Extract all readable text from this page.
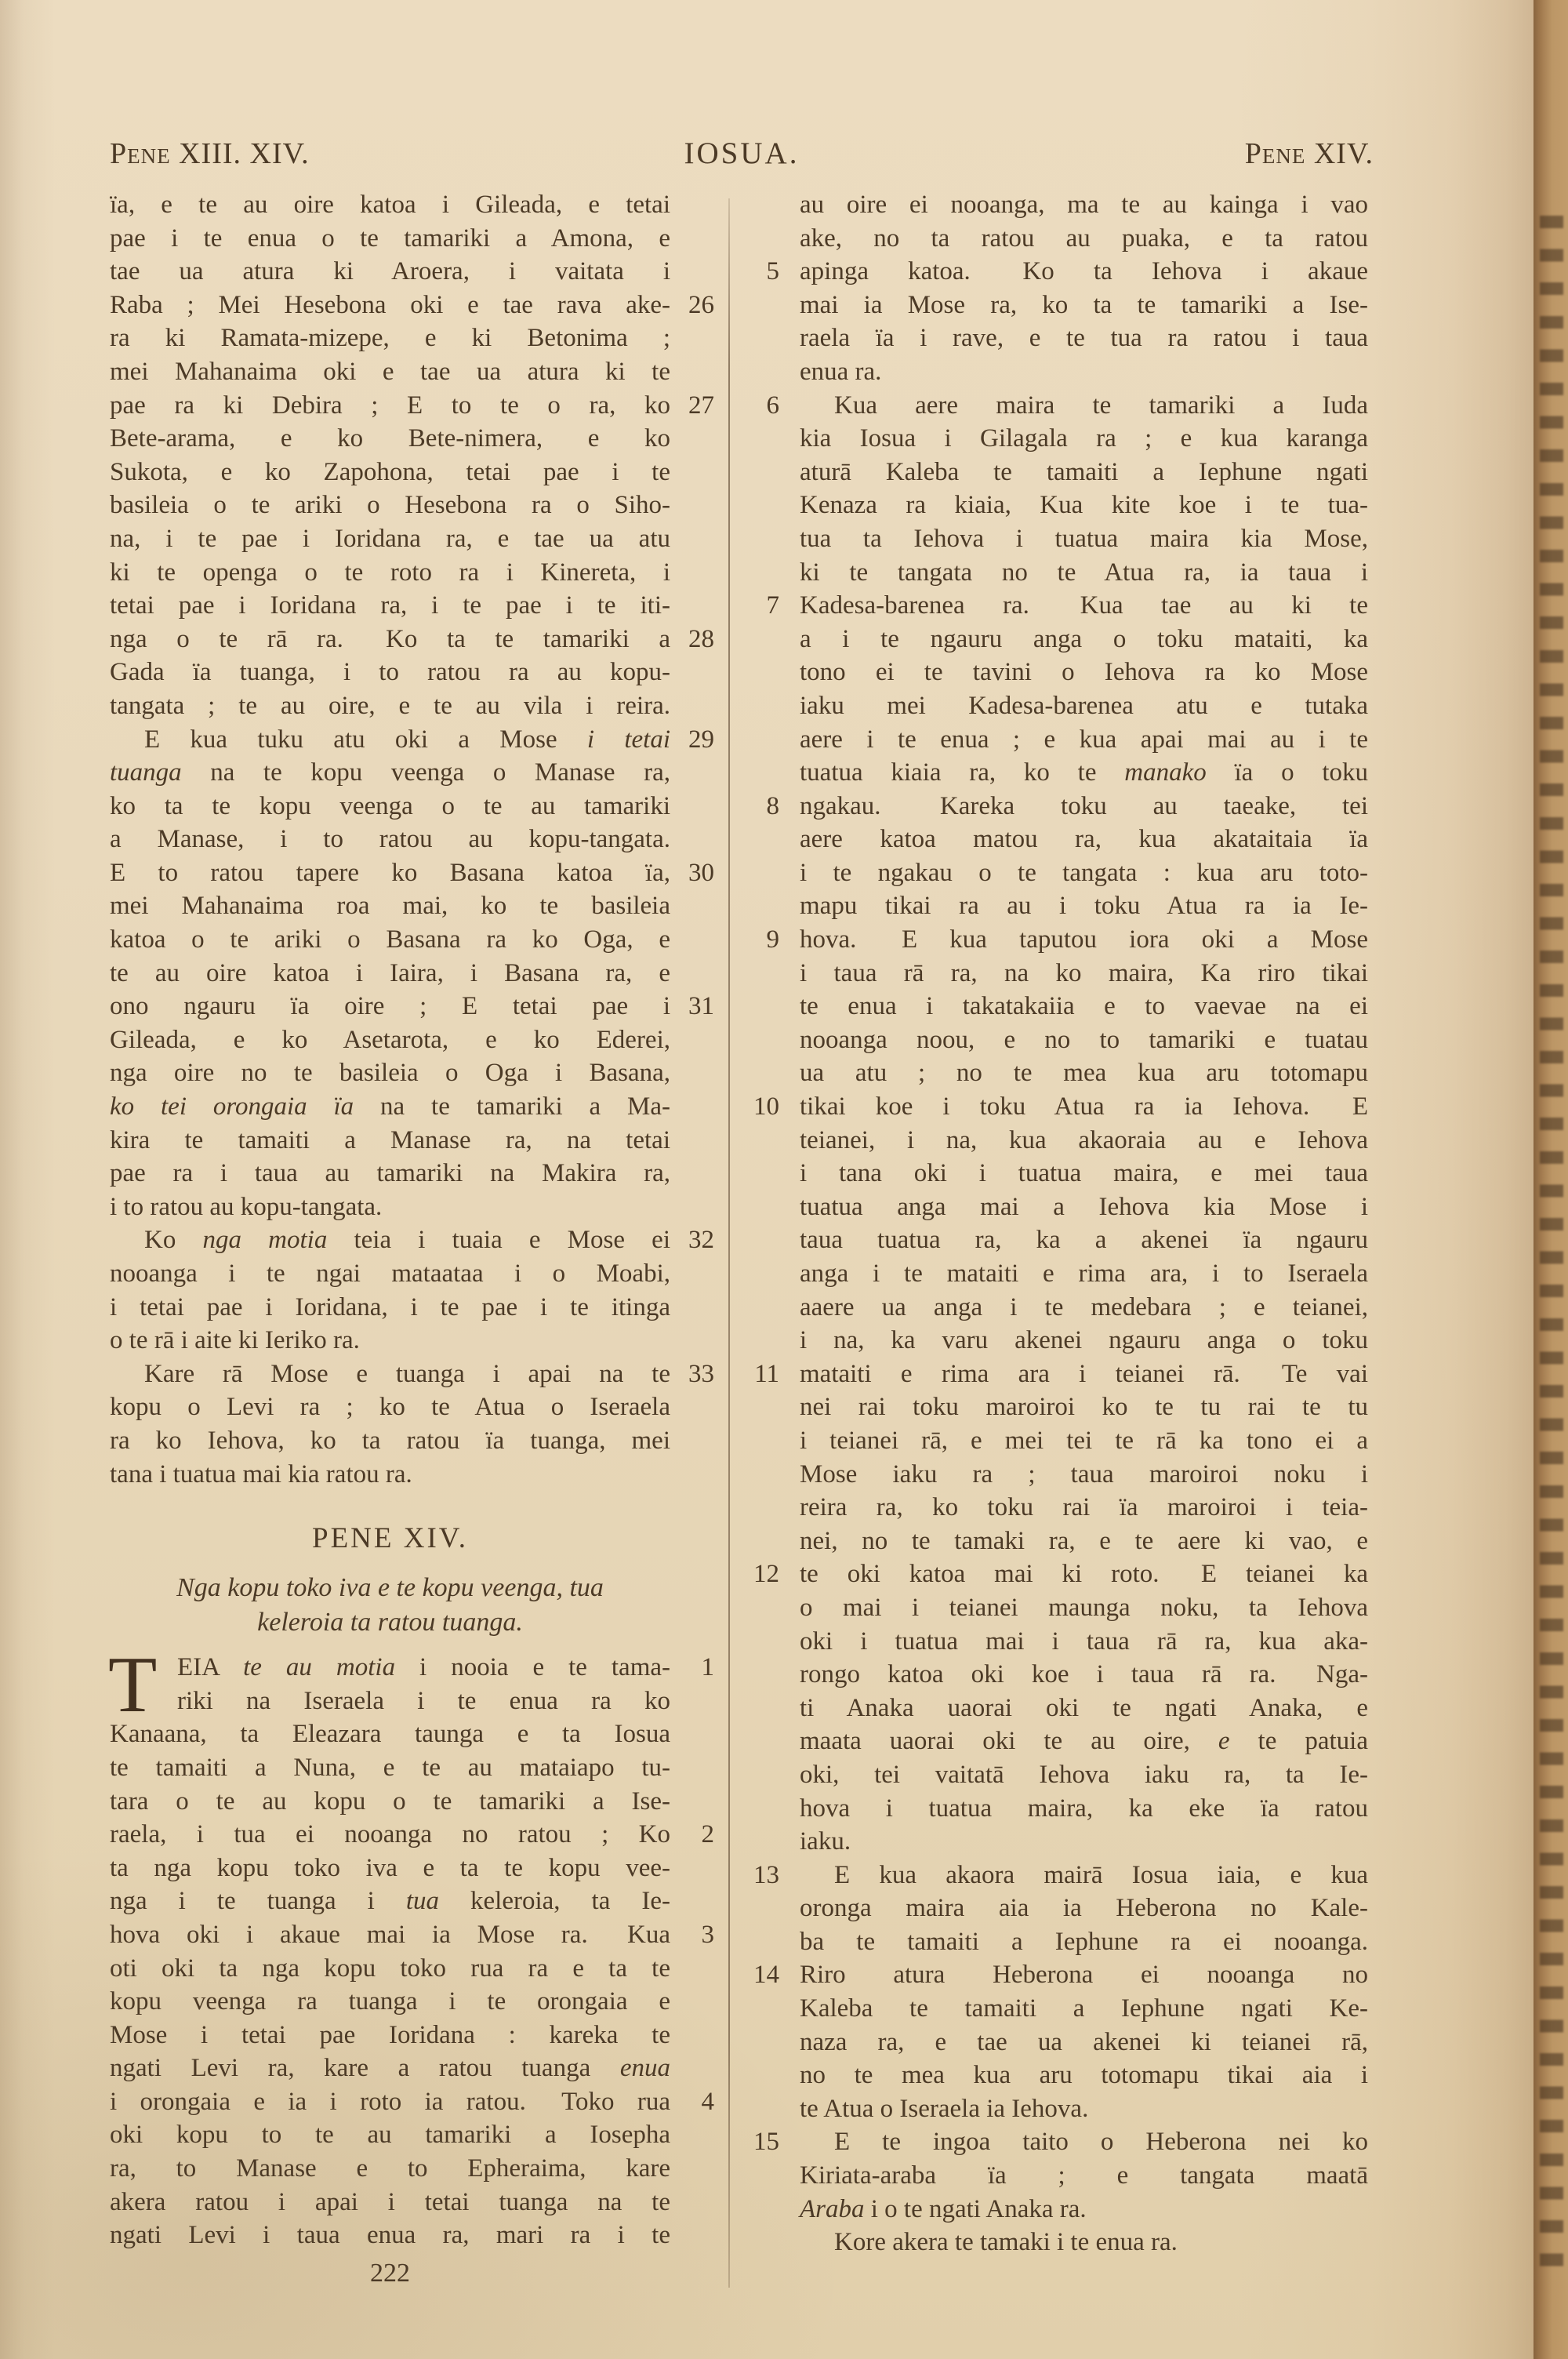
Pene XIII. XIV.	IOSUA.	Pene XIV.
ïa, e te au oire katoa i Gileada, e tetai
pae i te enua o te tamariki a Amona, e
tae ua atura ki Aroera, i vaitata i
Raba ; Mei Hesebona oki e tae rava ake- 26
ra ki Ramata-mizepe, e ki Betonima ;
mei Mahanaima oki e tae ua atura ki te
pae ra ki Debira ; E to te o ra, ko 27
Bete-arama, e ko Bete-nimera, e ko
Sukota, e ko Zapohona, tetai pae i te
basileia o te ariki o Hesebona ra o Siho-
na, i te pae i Ioridana ra, e tae ua atu
ki te openga o te roto ra i Kinereta, i
tetai pae i Ioridana ra, i te pae i te iti-
nga o te rā ra.  Ko ta te tamariki a 28
Gada ïa tuanga, i to ratou ra au kopu-
tangata ; te au oire, e te au vila i reira.
E kua tuku atu oki a Mose i tetai 29
tuanga na te kopu veenga o Manase ra,
ko ta te kopu veenga o te au tamariki
a Manase, i to ratou au kopu-tangata.
E to ratou tapere ko Basana katoa ïa, 30
mei Mahanaima roa mai, ko te basileia
katoa o te ariki o Basana ra ko Oga, e
te au oire katoa i Iaira, i Basana ra, e
ono ngauru ïa oire ; E tetai pae i 31
Gileada, e ko Asetarota, e ko Ederei,
nga oire no te basileia o Oga i Basana,
ko tei orongaia ïa na te tamariki a Ma-
kira te tamaiti a Manase ra, na tetai
pae ra i taua au tamariki na Makira ra,
i to ratou au kopu-tangata.
Ko nga motia teia i tuaia e Mose ei 32
nooanga i te ngai mataataa i o Moabi,
i tetai pae i Ioridana, i te pae i te itinga
o te rā i aite ki Ieriko ra.
Kare rā Mose e tuanga i apai na te 33
kopu o Levi ra ; ko te Atua o Iseraela
ra ko Iehova, ko ta ratou ïa tuanga, mei
tana i tuatua mai kia ratou ra.
PENE XIV.
Nga kopu toko iva e te kopu veenga, tua
keleroia ta ratou tuanga.
T EIA te au motia i nooia e te tama-	1
riki na Iseraela i te enua ra ko
Kanaana, ta Eleazara taunga e ta Iosua
te tamaiti a Nuna, e te au mataiapo tu-
tara o te au kopu o te tamariki a Ise-
raela, i tua ei nooanga no ratou ; Ko	2
ta nga kopu toko iva e ta te kopu vee-
nga i te tuanga i tua keleroia, ta Ie-
hova oki i akaue mai ia Mose ra.  Kua	3
oti oki ta nga kopu toko rua ra e ta te
kopu veenga ra tuanga i te orongaia e
Mose i tetai pae Ioridana : kareka te
ngati Levi ra, kare a ratou tuanga enua
i orongaia e ia i roto ia ratou.  Toko rua	4
oki kopu to te au tamariki a Iosepha
ra, to Manase e to Epheraima, kare
akera ratou i apai i tetai tuanga na te
ngati Levi i taua enua ra, mari ra i te
222
au oire ei nooanga, ma te au kainga i vao
ake, no ta ratou au puaka, e ta ratou
apinga katoa.  Ko ta Iehova i akaue
5
mai ia Mose ra, ko ta te tamariki a Ise-
raela ïa i rave, e te tua ra ratou i taua
enua ra.
Kua aere maira te tamariki a Iuda
6
kia Iosua i Gilagala ra ; e kua karanga
aturā Kaleba te tamaiti a Iephune ngati
Kenaza ra kiaia, Kua kite koe i te tua-
tua ta Iehova i tuatua maira kia Mose,
ki te tangata no te Atua ra, ia taua i
Kadesa-barenea ra.  Kua tae au ki te
7
a i te ngauru anga o toku mataiti, ka
tono ei te tavini o Iehova ra ko Mose
iaku mei Kadesa-barenea atu e tutaka
aere i te enua ; e kua apai mai au i te
tuatua kiaia ra, ko te manako ïa o toku
ngakau.  Kareka toku au taeake, tei
8
aere katoa matou ra, kua akataitaia ïa
i te ngakau o te tangata : kua aru toto-
mapu tikai ra au i toku Atua ra ia Ie-
hova.  E kua taputou iora oki a Mose
9
i taua rā ra, na ko maira, Ka riro tikai
te enua i takatakaiia e to vaevae na ei
nooanga noou, e no to tamariki e tuatau
ua atu ; no te mea kua aru totomapu
tikai koe i toku Atua ra ia Iehova.  E
10
teianei, i na, kua akaoraia au e Iehova
i tana oki i tuatua maira, e mei taua
tuatua anga mai a Iehova kia Mose i
taua tuatua ra, ka a akenei ïa ngauru
anga i te mataiti e rima ara, i to Iseraela
aaere ua anga i te medebara ; e teianei,
i na, ka varu akenei ngauru anga o toku
mataiti e rima ara i teianei rā.  Te vai
11
nei rai toku maroiroi ko te tu rai te tu
i teianei rā, e mei tei te rā ka tono ei a
Mose iaku ra ; taua maroiroi noku i
reira ra, ko toku rai ïa maroiroi i teia-
nei, no te tamaki ra, e te aere ki vao, e
te oki katoa mai ki roto.  E teianei ka
12
o mai i teianei maunga noku, ta Iehova
oki i tuatua mai i taua rā ra, kua aka-
rongo katoa oki koe i taua rā ra.  Nga-
ti Anaka uaorai oki te ngati Anaka, e
maata uaorai oki te au oire, e te patuia
oki, tei vaitatā Iehova iaku ra, ta Ie-
hova i tuatua maira, ka eke ïa ratou
iaku.
E kua akaora mairā Iosua iaia, e kua
13
oronga maira aia ia Heberona no Kale-
ba te tamaiti a Iephune ra ei nooanga.
Riro atura Heberona ei nooanga no
14
Kaleba te tamaiti a Iephune ngati Ke-
naza ra, e tae ua akenei ki teianei rā,
no te mea kua aru totomapu tikai aia i
te Atua o Iseraela ia Iehova.
E te ingoa taito o Heberona nei ko
15
Kiriata-araba ïa ; e tangata maatā
Araba i o te ngati Anaka ra.
Kore akera te tamaki i te enua ra.
